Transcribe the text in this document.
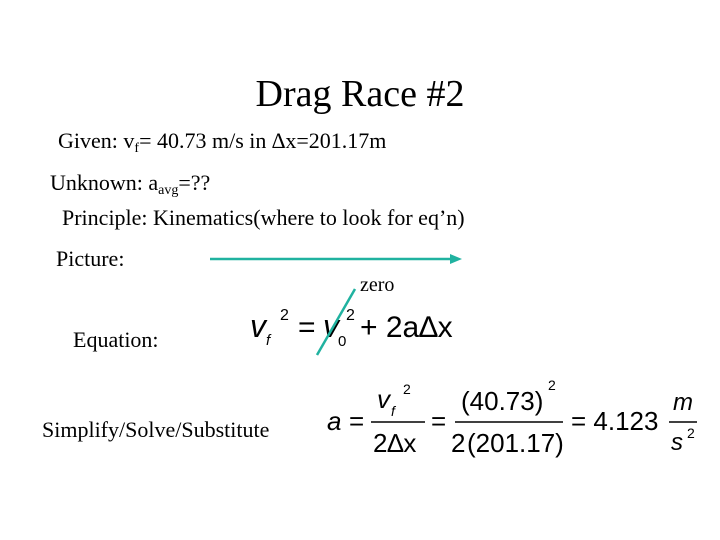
Drag Race #2
Given: $v_f= 40.73$ m/s in ∆x=201.17m
Unknown: $a_{avg}=$??
Principle: Kinematics(where to look for eq’n)
Picture:
zero
Equation:	v f
2 = v 0
2 + 2a∆x
Simplify/Solve/Substitute a =
v f
2
2∆x
=
(40.73)
2
2 (201.17)
= 4.123
m
s 2
